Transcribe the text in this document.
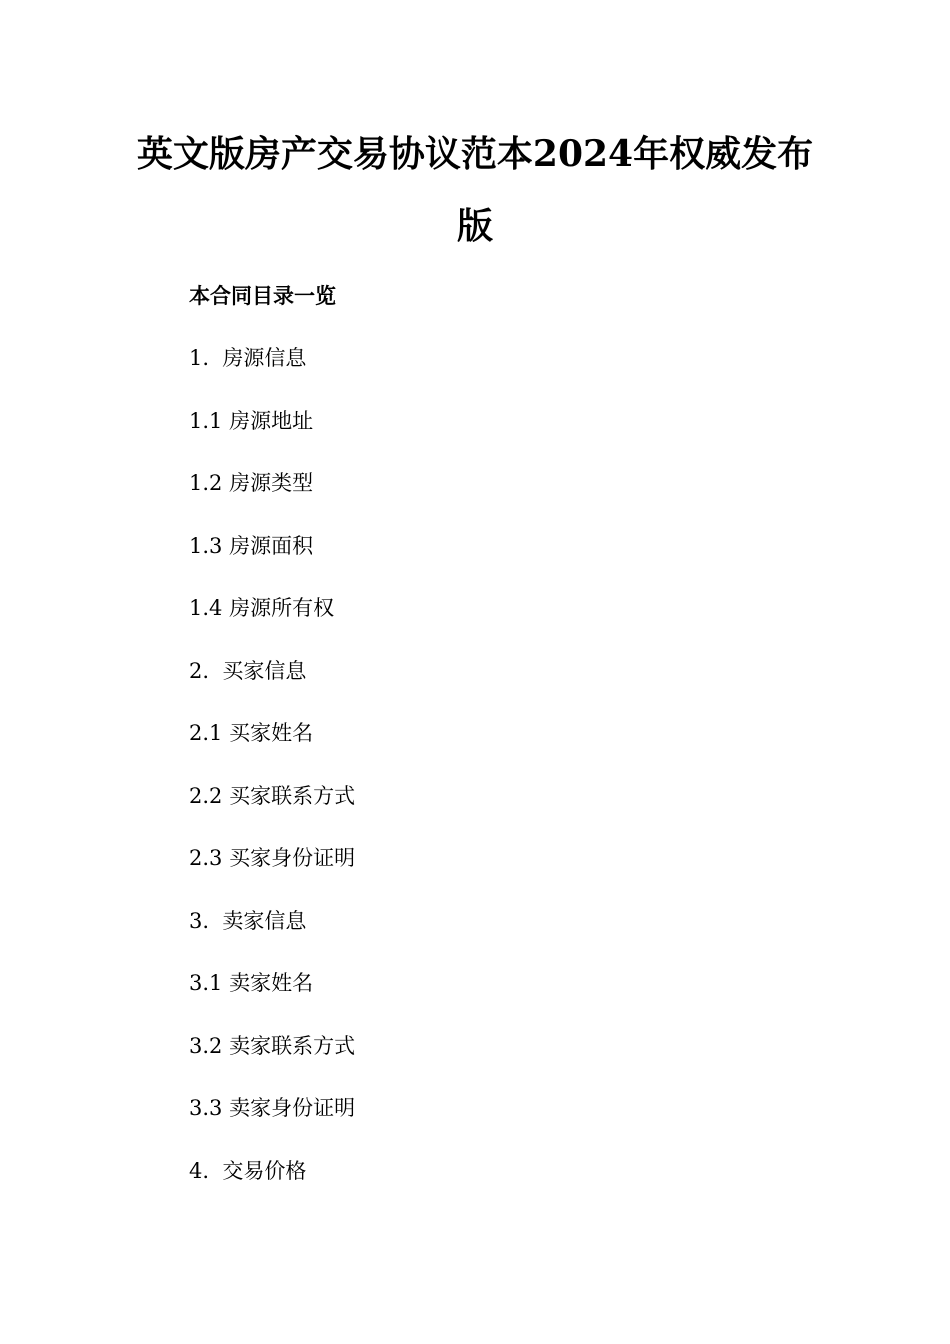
英文版房产交易协议范本2024年权威发布版
本合同目录一览
1.  房源信息
1.1 房源地址
1.2 房源类型
1.3 房源面积
1.4 房源所有权
2.  买家信息
2.1 买家姓名
2.2 买家联系方式
2.3 买家身份证明
3.  卖家信息
3.1 卖家姓名
3.2 卖家联系方式
3.3 卖家身份证明
4.  交易价格
